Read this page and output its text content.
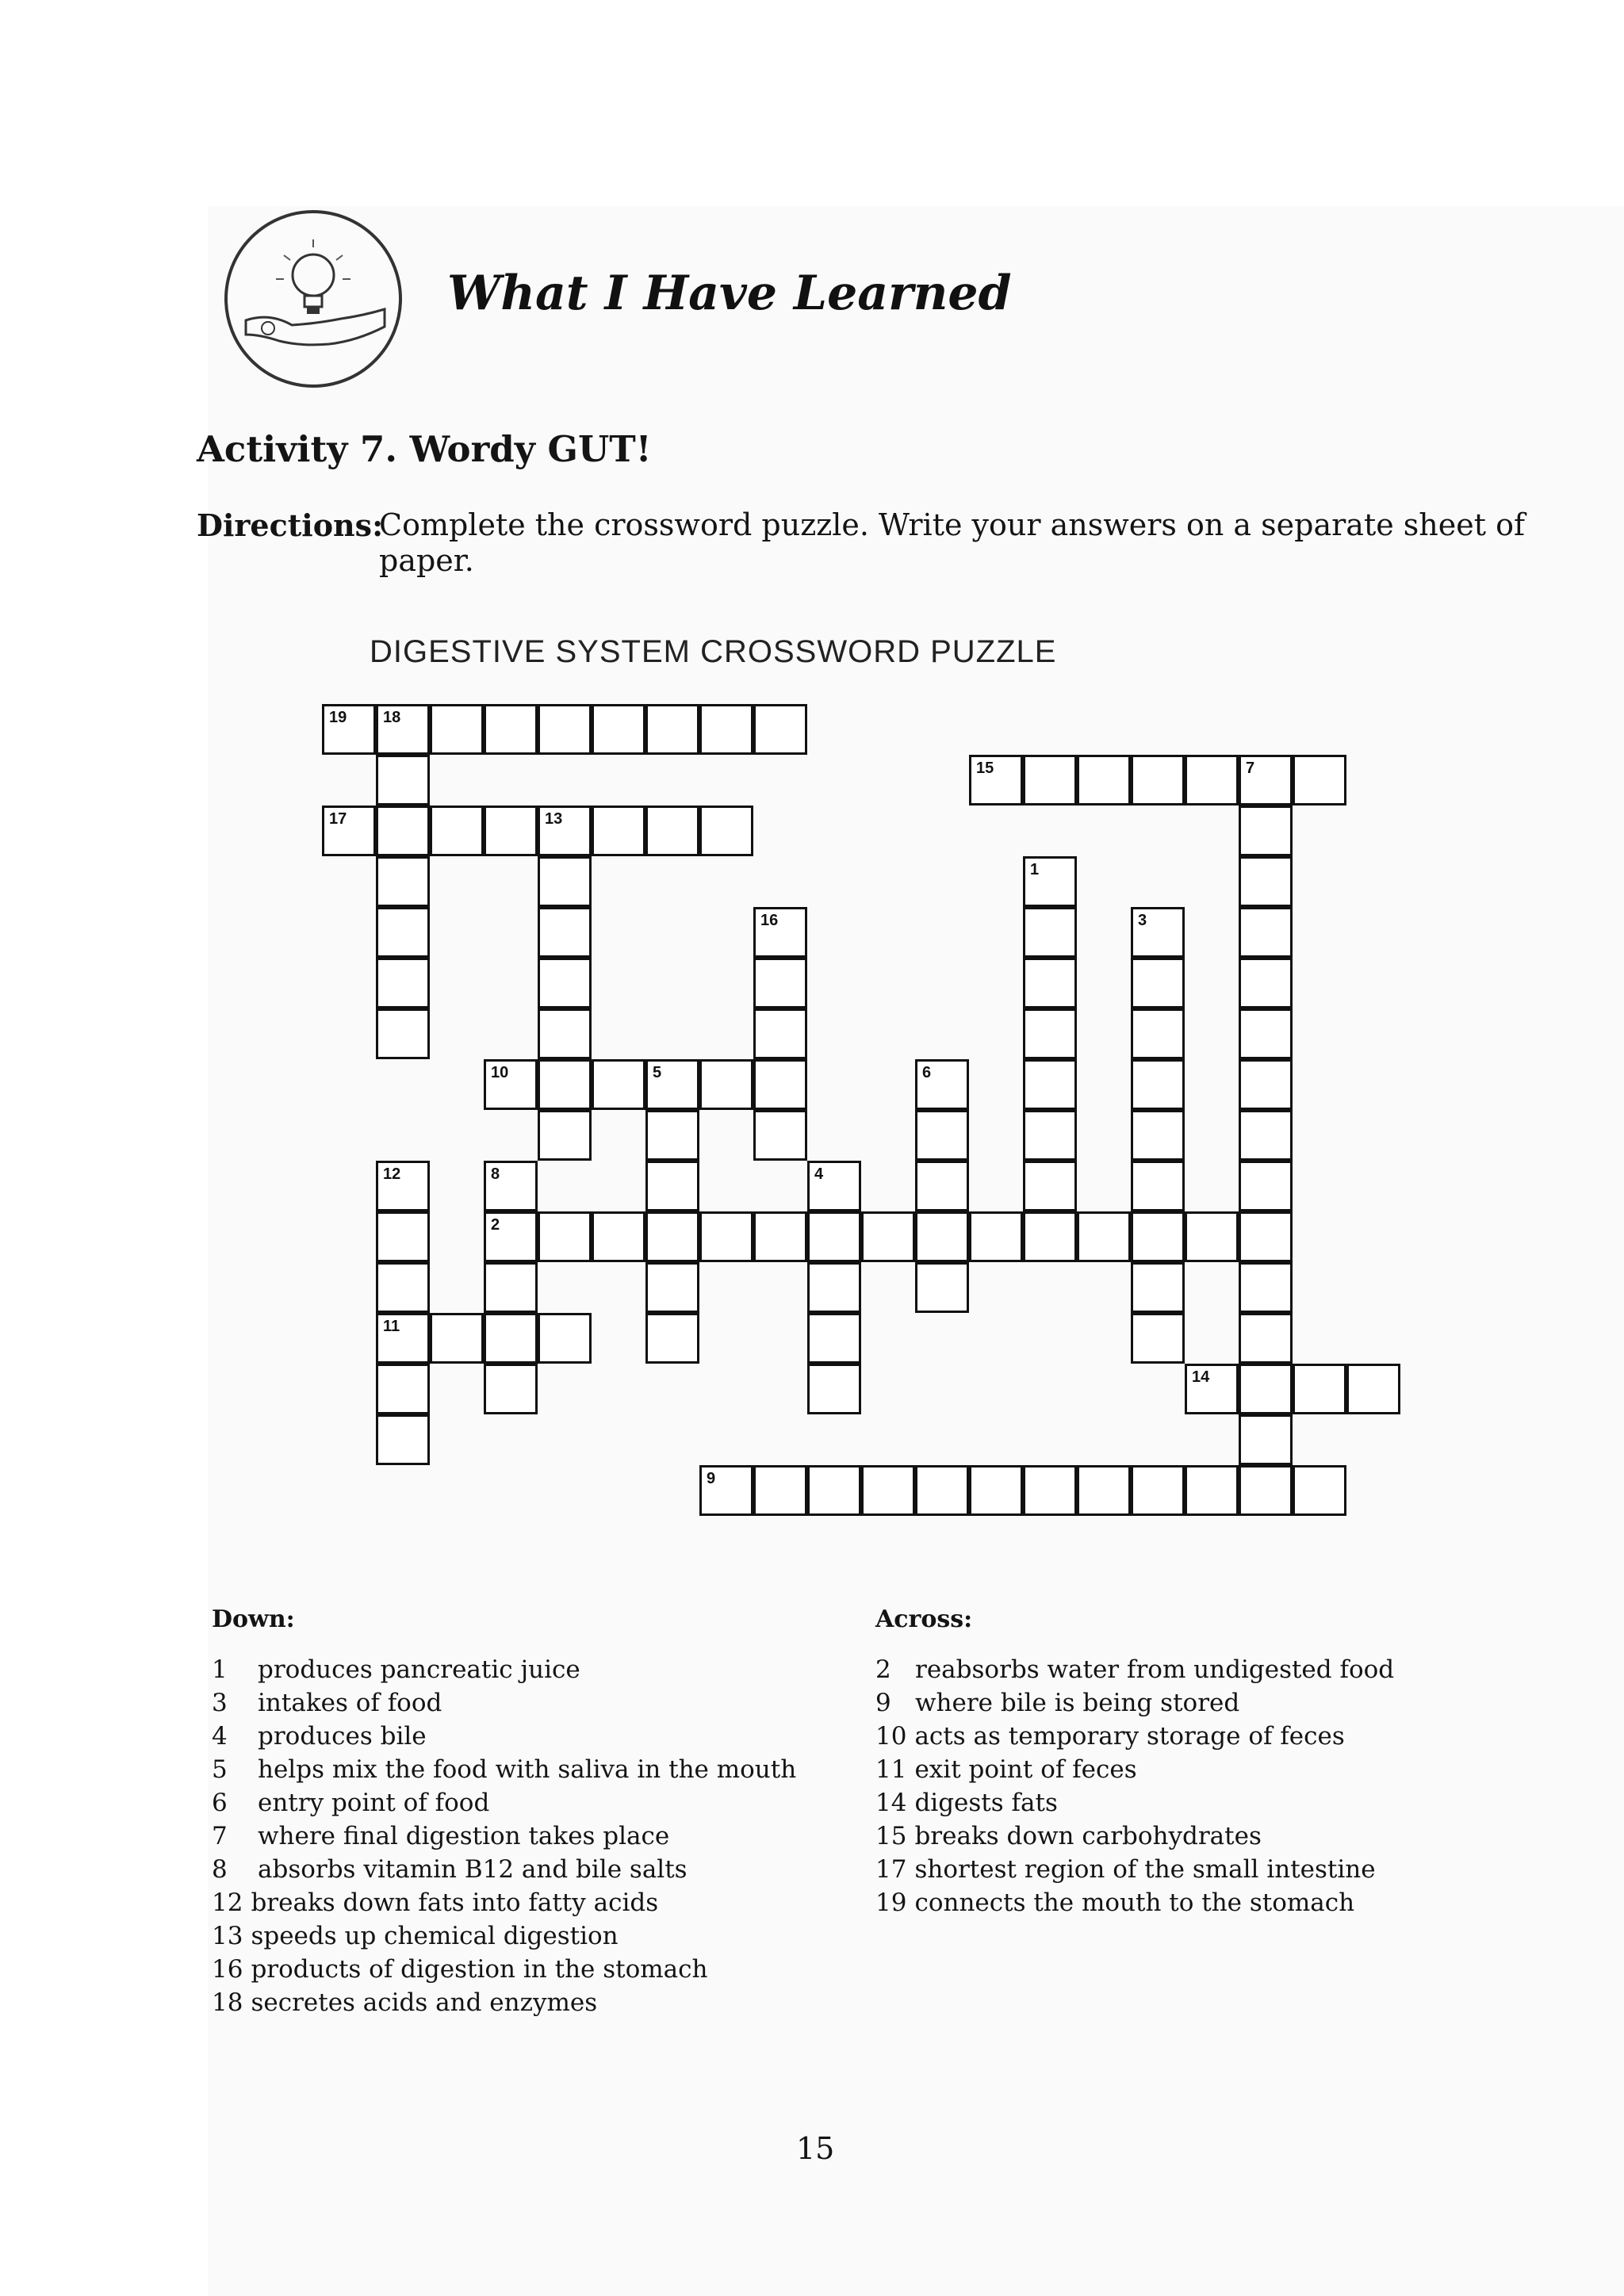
What I Have Learned
Activity 7. Wordy GUT!
Directions:
Complete the crossword puzzle. Write your answers on a separate sheet of paper.
DIGESTIVE SYSTEM CROSSWORD PUZZLE
19 18
15	7
17	13
1
16	3
10	5	6
12	8	4
2
11
14
9
Down:	Across:
1 produces pancreatic juice
3 intakes of food
4 produces bile
5 helps mix the food with saliva in the mouth
6 entry point of food
7 where final digestion takes place
8 absorbs vitamin B12 and bile salts
12 breaks down fats into fatty acids
13 speeds up chemical digestion
16 products of digestion in the stomach
18 secretes acids and enzymes
2 reabsorbs water from undigested food
9 where bile is being stored
10 acts as temporary storage of feces
11 exit point of feces
14 digests fats
15 breaks down carbohydrates
17 shortest region of the small intestine
19 connects the mouth to the stomach
15
